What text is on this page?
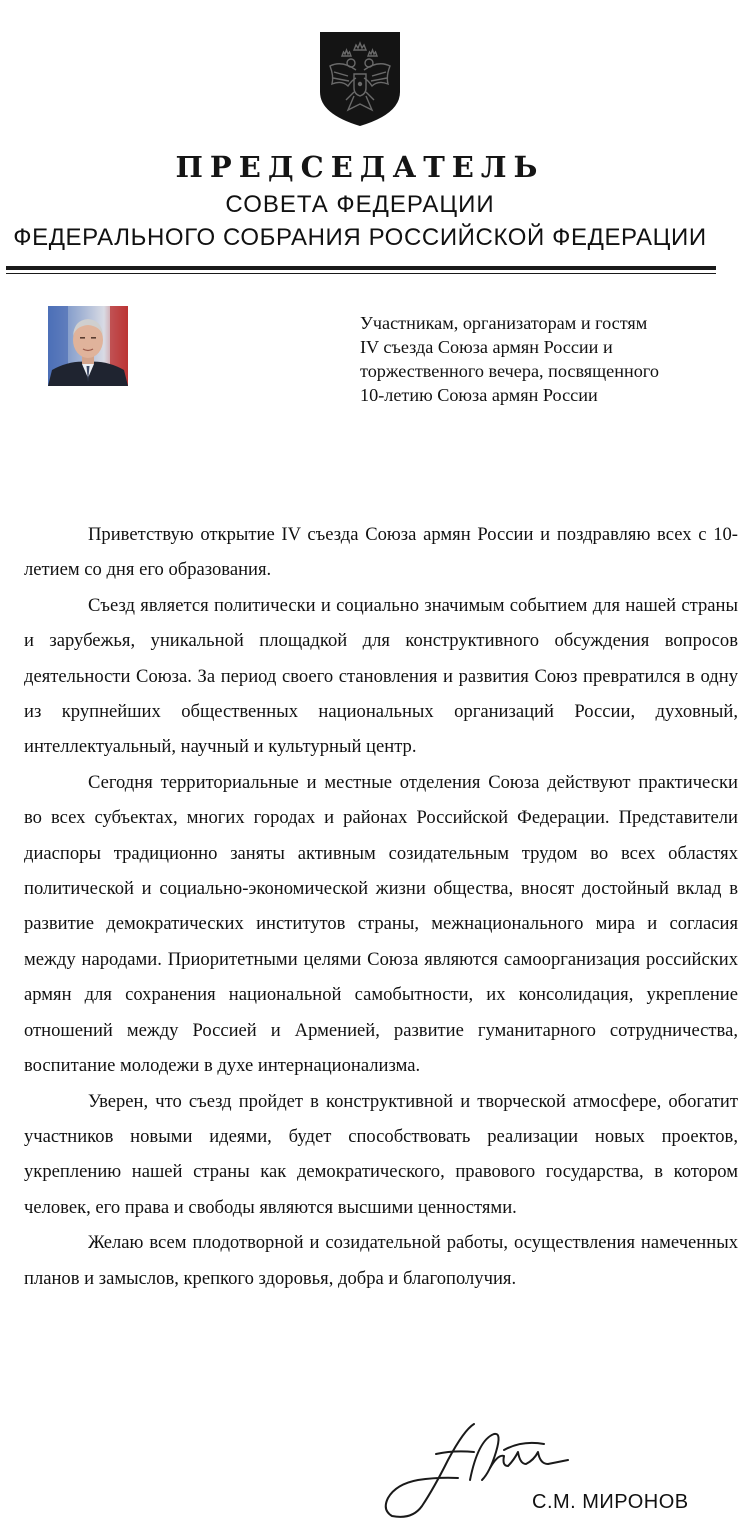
ПРЕДСЕДАТЕЛЬ
СОВЕТА ФЕДЕРАЦИИ
ФЕДЕРАЛЬНОГО СОБРАНИЯ РОССИЙСКОЙ ФЕДЕРАЦИИ
Участникам, организаторам и гостям
IV съезда Союза армян России и
торжественного вечера, посвященного
10-летию Союза армян России

Приветствую открытие IV съезда Союза армян России и поздравляю всех с 10-летием со дня его образования.

Съезд является политически и социально значимым событием для нашей страны и зарубежья, уникальной площадкой для конструктивного обсуждения вопросов деятельности Союза. За период своего становления и развития Союз превратился в одну из крупнейших общественных национальных организаций России, духовный, интеллектуальный, научный и культурный центр.

Сегодня территориальные и местные отделения Союза действуют практически во всех субъектах, многих городах и районах Российской Федерации. Представители диаспоры традиционно заняты активным созидательным трудом во всех областях политической и социально-экономической жизни общества, вносят достойный вклад в развитие демократических институтов страны, межнационального мира и согласия между народами. Приоритетными целями Союза являются самоорганизация российских армян для сохранения национальной самобытности, их консолидация, укрепление отношений между Россией и Арменией, развитие гуманитарного сотрудничества, воспитание молодежи в духе интернационализма.

Уверен, что съезд пройдет в конструктивной и творческой атмосфере, обогатит участников новыми идеями, будет способствовать реализации новых проектов, укреплению нашей страны как демократического, правового государства, в котором человек, его права и свободы являются высшими ценностями.

Желаю всем плодотворной и созидательной работы, осуществления намеченных планов и замыслов, крепкого здоровья, добра и благополучия.

С.М. МИРОНОВ
